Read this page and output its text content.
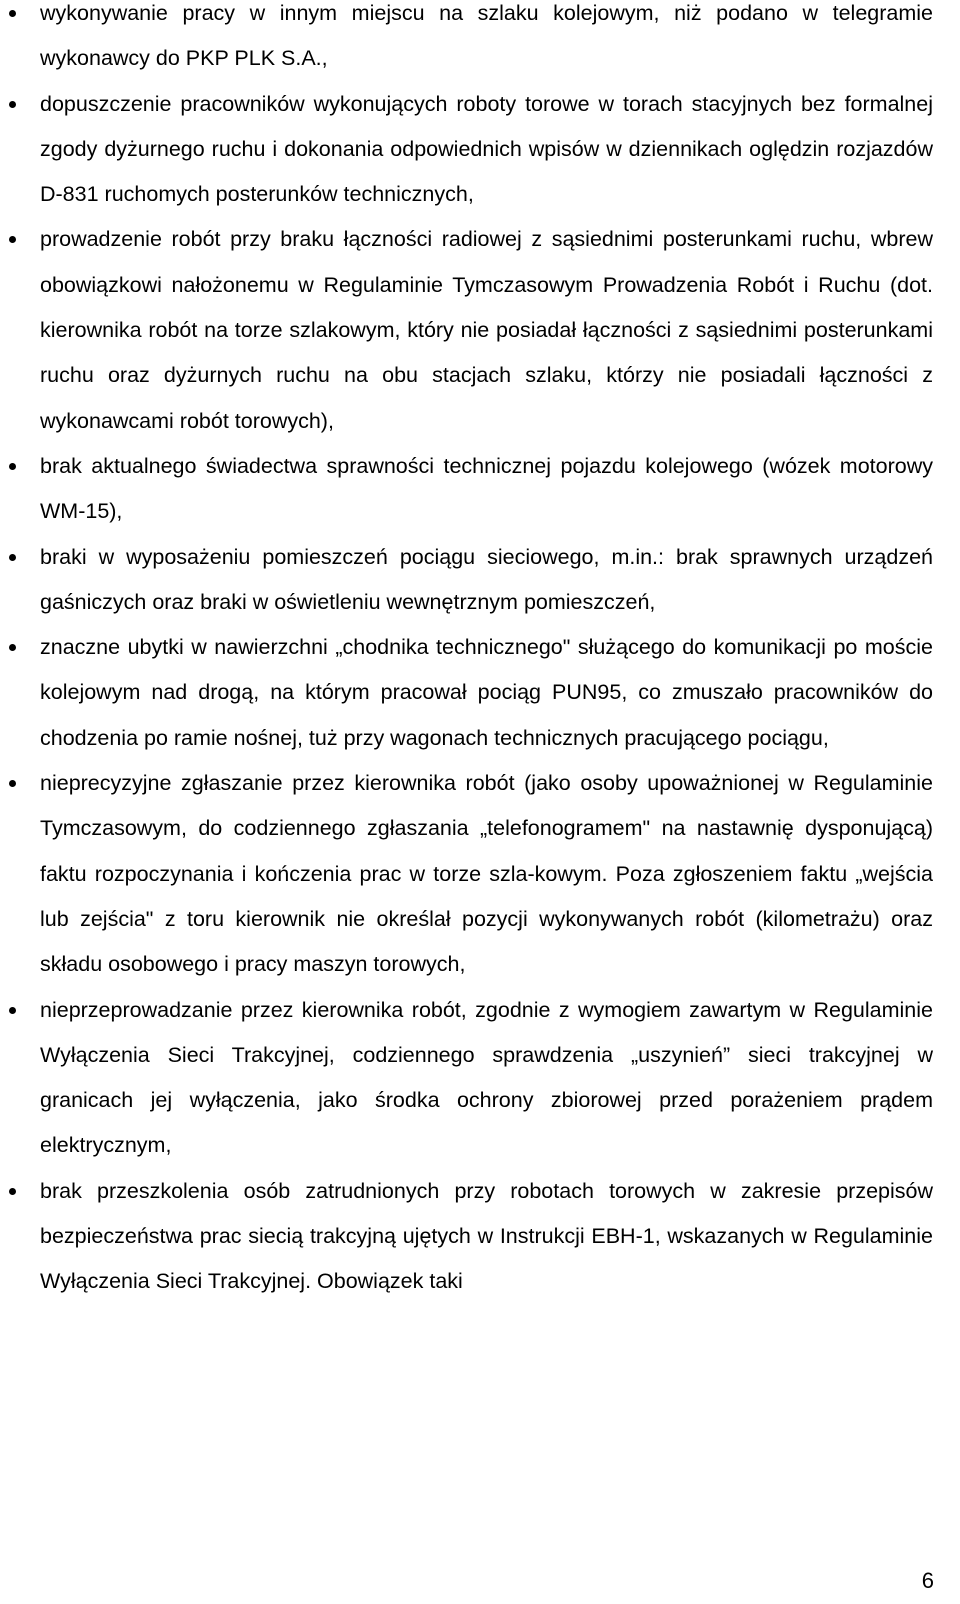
wykonywanie pracy w innym miejscu na szlaku kolejowym, niż podano w telegramie wykonawcy do PKP PLK S.A.,
dopuszczenie pracowników wykonujących roboty torowe w torach stacyjnych bez formalnej zgody dyżurnego ruchu i dokonania odpowiednich wpisów w dziennikach oględzin rozjazdów D-831 ruchomych posterunków technicznych,
prowadzenie robót przy braku łączności radiowej z sąsiednimi posterunkami ruchu, wbrew obowiązkowi nałożonemu w Regulaminie Tymczasowym Prowadzenia Robót i Ruchu (dot. kierownika robót na torze szlakowym, który nie posiadał łączności z sąsiednimi posterunkami ruchu oraz dyżurnych ruchu na obu stacjach szlaku, którzy nie posiadali łączności z wykonawcami robót torowych),
brak aktualnego świadectwa sprawności technicznej pojazdu kolejowego (wózek motorowy WM-15),
braki w wyposażeniu pomieszczeń pociągu sieciowego, m.in.: brak sprawnych urządzeń gaśniczych oraz braki w oświetleniu wewnętrznym pomieszczeń,
znaczne ubytki w nawierzchni „chodnika technicznego" służącego do komunikacji po moście kolejowym nad drogą, na którym pracował pociąg PUN95, co zmuszało pracowników do chodzenia po ramie nośnej, tuż przy wagonach technicznych pracującego pociągu,
nieprecyzyjne zgłaszanie przez kierownika robót (jako osoby upoważnionej w Regulaminie Tymczasowym, do codziennego zgłaszania „telefonogramem" na nastawnię dysponującą) faktu rozpoczynania i kończenia prac w torze szla-kowym. Poza zgłoszeniem faktu „wejścia lub zejścia" z toru kierownik nie określał pozycji wykonywanych robót (kilometrażu) oraz składu osobowego i pracy maszyn torowych,
nieprzeprowadzanie przez kierownika robót, zgodnie z wymogiem zawartym w Regulaminie Wyłączenia Sieci Trakcyjnej, codziennego sprawdzenia „uszynień” sieci trakcyjnej w granicach jej wyłączenia, jako środka ochrony zbiorowej przed porażeniem prądem elektrycznym,
brak przeszkolenia osób zatrudnionych przy robotach torowych w zakresie przepisów bezpieczeństwa prac siecią trakcyjną ujętych w Instrukcji EBH-1, wskazanych w Regulaminie Wyłączenia Sieci Trakcyjnej. Obowiązek taki
6
